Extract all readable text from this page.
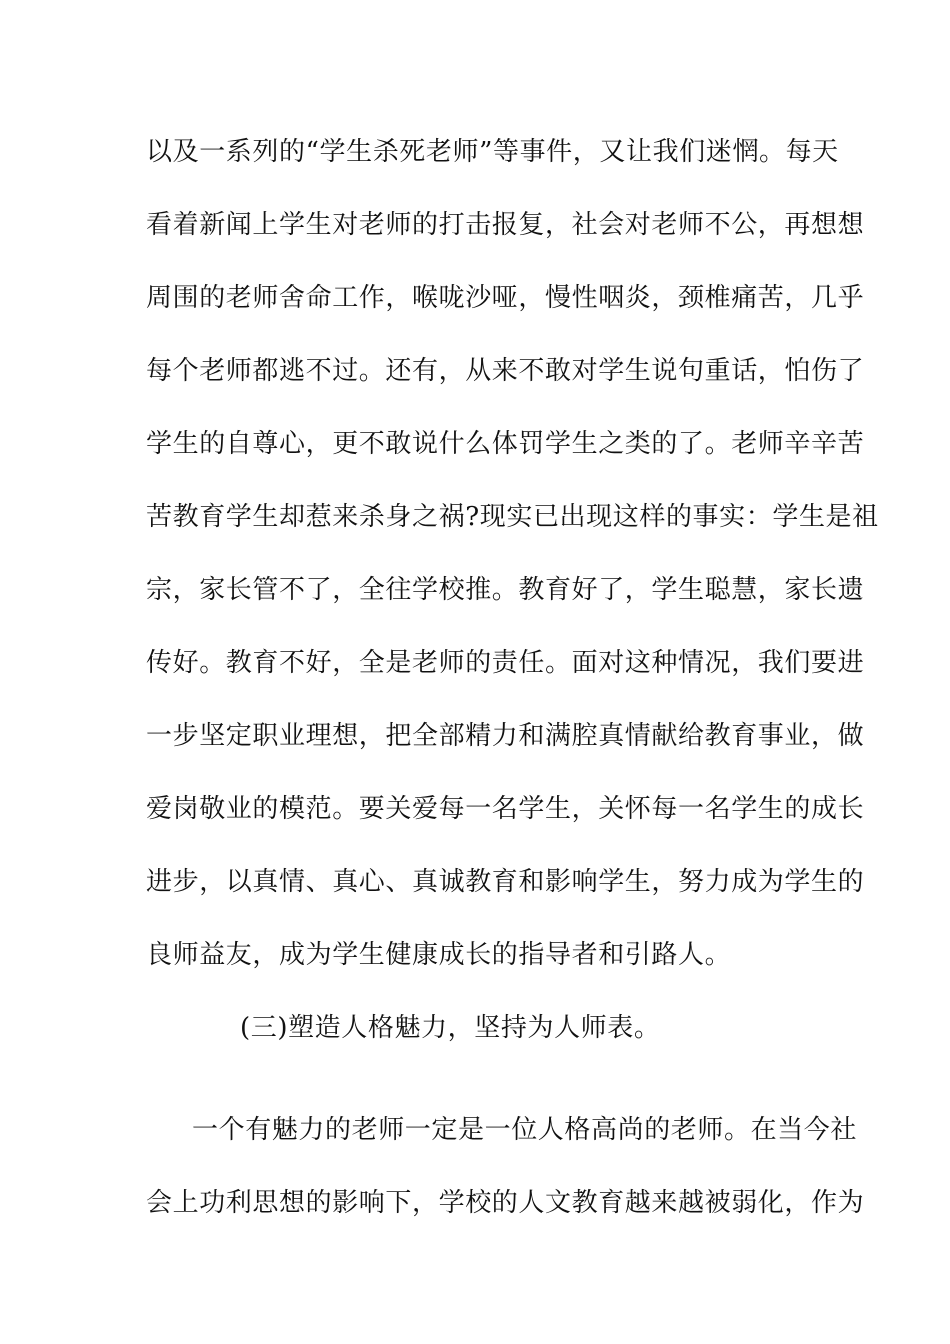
以及一系列的“学生杀死老师”等事件，又让我们迷惘。每天
看着新闻上学生对老师的打击报复，社会对老师不公，再想想
周围的老师舍命工作，喉咙沙哑，慢性咽炎，颈椎痛苦，几乎
每个老师都逃不过。还有，从来不敢对学生说句重话，怕伤了
学生的自尊心，更不敢说什么体罚学生之类的了。老师辛辛苦
苦教育学生却惹来杀身之祸?现实已出现这样的事实：学生是祖
宗，家长管不了，全往学校推。教育好了，学生聪慧，家长遗
传好。教育不好，全是老师的责任。面对这种情况，我们要进
一步坚定职业理想，把全部精力和满腔真情献给教育事业，做
爱岗敬业的模范。要关爱每一名学生，关怀每一名学生的成长
进步，以真情、真心、真诚教育和影响学生，努力成为学生的
良师益友，成为学生健康成长的指导者和引路人。
(三)塑造人格魅力，坚持为人师表。
一个有魅力的老师一定是一位人格高尚的老师。在当今社
会上功利思想的影响下，学校的人文教育越来越被弱化，作为
